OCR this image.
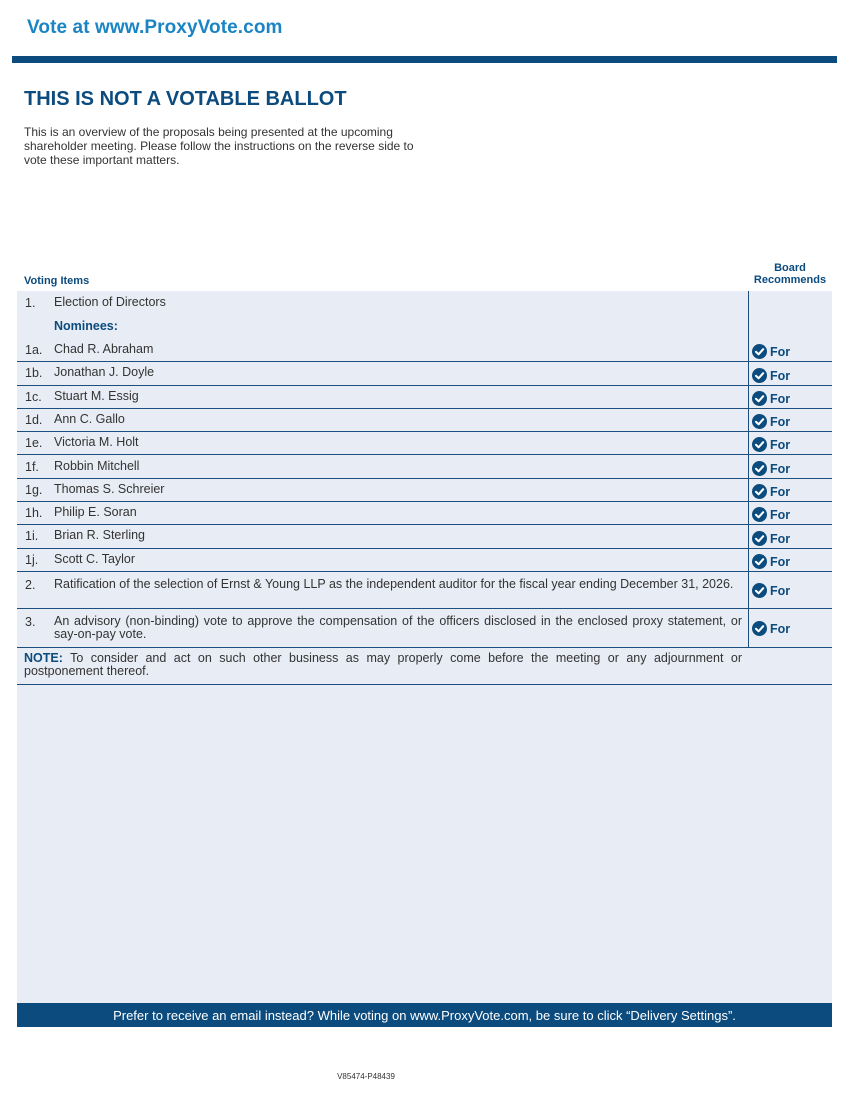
Vote at www.ProxyVote.com
THIS IS NOT A VOTABLE BALLOT

This is an overview of the proposals being presented at the upcoming shareholder meeting. Please follow the instructions on the reverse side to vote these important matters.

Voting Items
Board Recommends
1. Election of Directors
Nominees:
1a. Chad R. Abraham	For
1b. Jonathan J. Doyle	For
1c. Stuart M. Essig	For
1d. Ann C. Gallo	For
1e. Victoria M. Holt	For
1f. Robbin Mitchell	For
1g. Thomas S. Schreier	For
1h. Philip E. Soran	For
1i. Brian R. Sterling	For
1j. Scott C. Taylor	For
2. Ratification of the selection of Ernst & Young LLP as the independent auditor for the fiscal year ending December 31, 2026.	For
3. An advisory (non-binding) vote to approve the compensation of the officers disclosed in the enclosed proxy statement, or say-on-pay vote.	For

NOTE: To consider and act on such other business as may properly come before the meeting or any adjournment or postponement thereof.

Prefer to receive an email instead? While voting on www.ProxyVote.com, be sure to click “Delivery Settings”.
V85474-P48439
